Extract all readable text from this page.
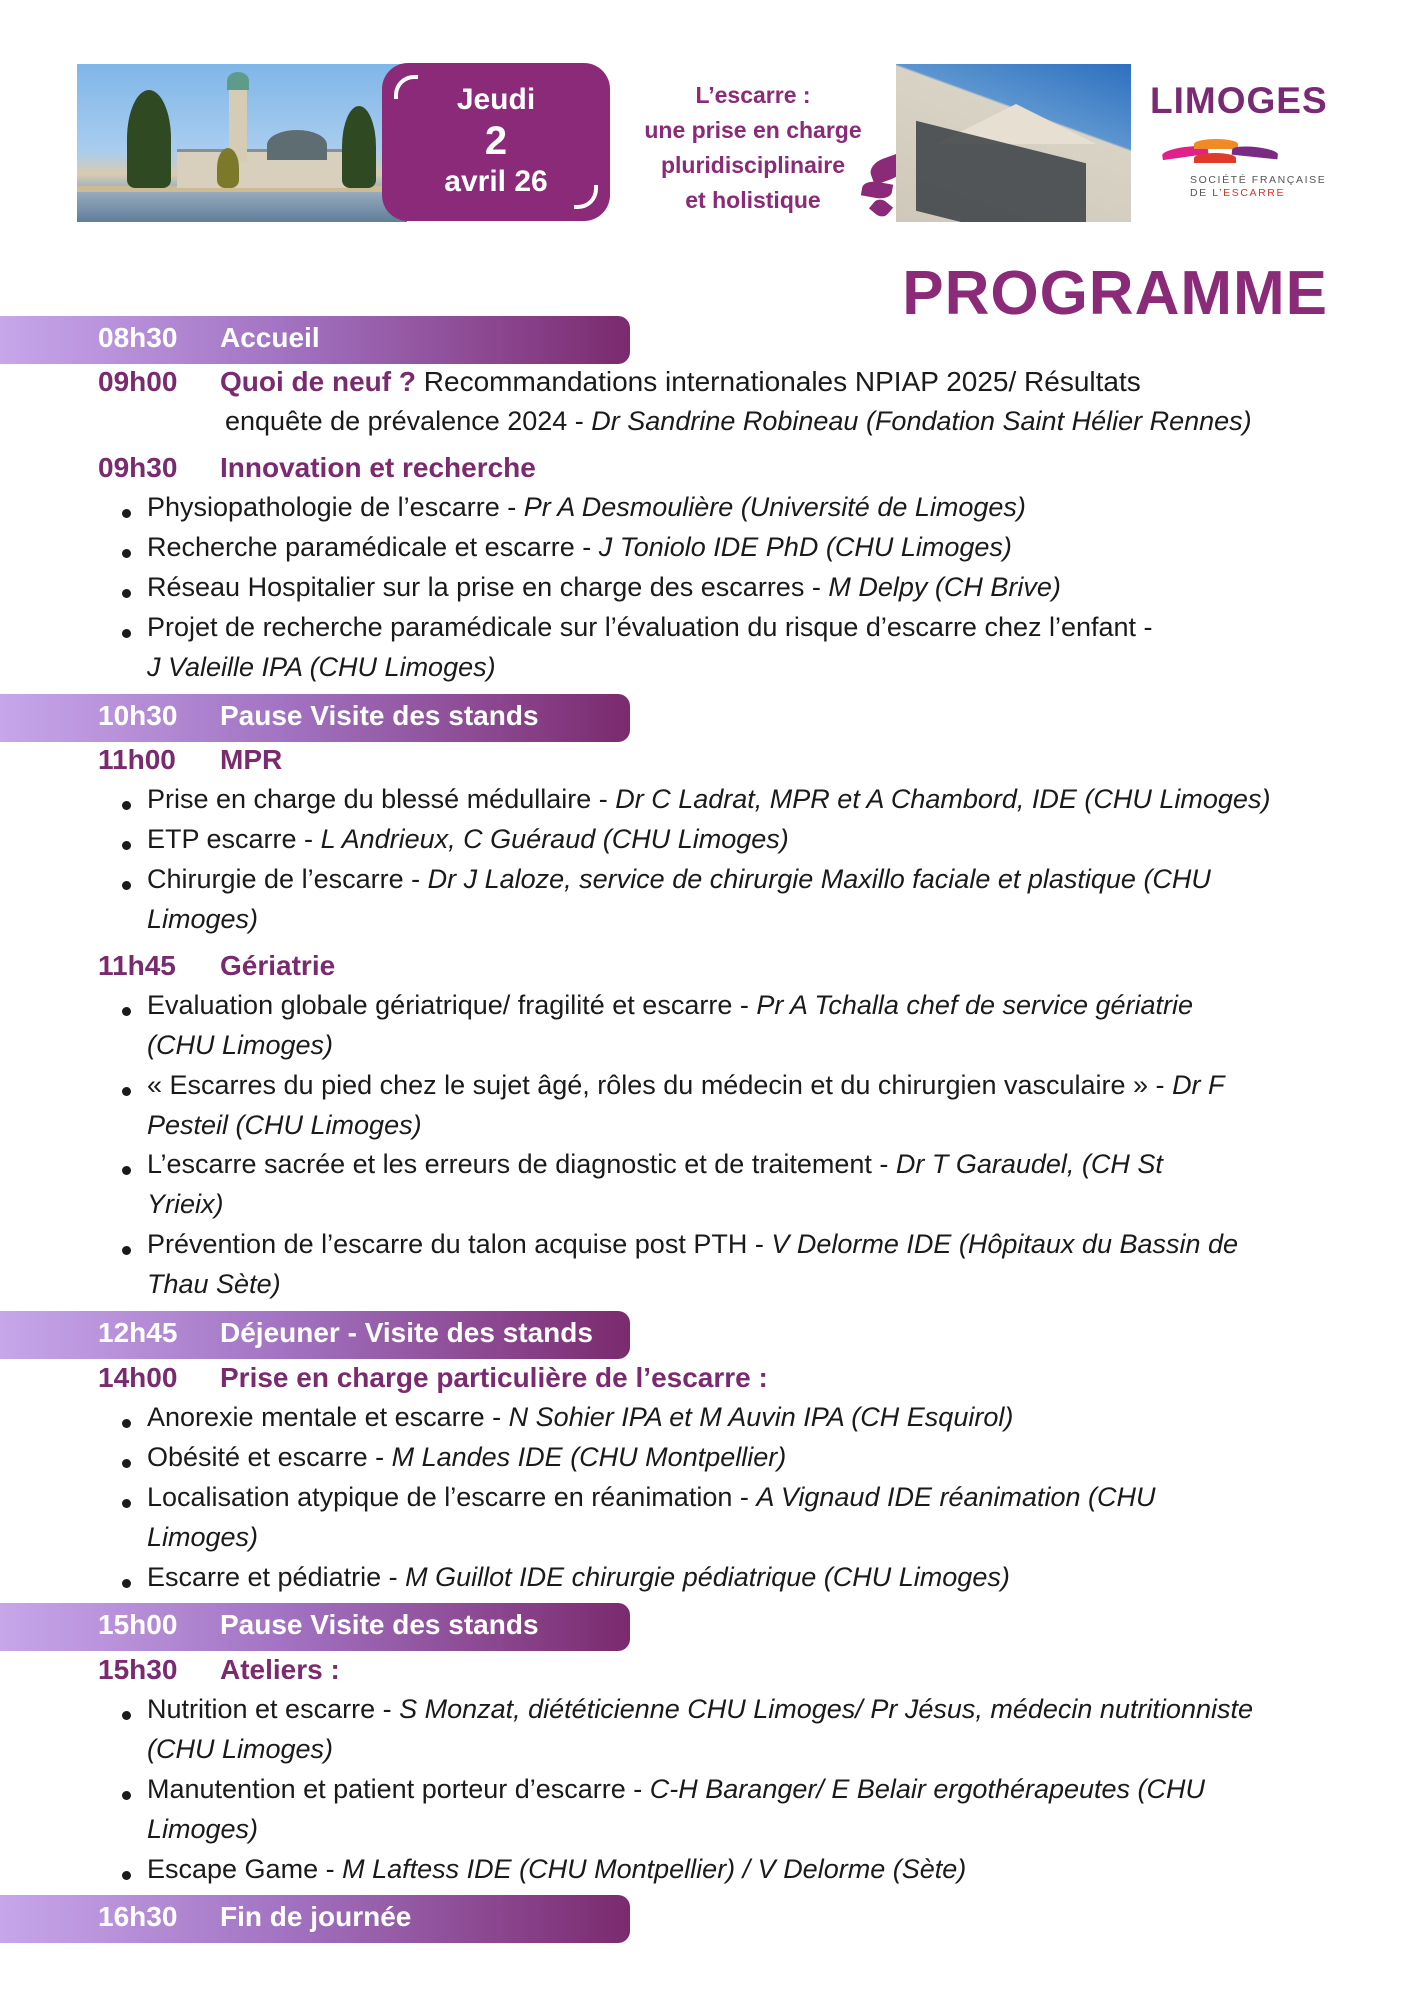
Jeudi
2
avril 26
L’escarre :
une prise en charge
pluridisciplinaire
et holistique
LIMOGES
SOCIÉTÉ FRANÇAISE
DE L’ESCARRE
PROGRAMME
08h30 Accueil
09h00 Quoi de neuf ? Recommandations internationales NPIAP 2025/ Résultats
enquête de prévalence 2024 - Dr Sandrine Robineau (Fondation Saint Hélier Rennes)
09h30 Innovation et recherche
Physiopathologie de l’escarre - Pr A Desmoulière (Université de Limoges)
Recherche paramédicale et escarre - J Toniolo IDE PhD (CHU Limoges)
Réseau Hospitalier sur la prise en charge des escarres - M Delpy (CH Brive)
Projet de recherche paramédicale sur l’évaluation du risque d’escarre chez l’enfant -
J Valeille IPA (CHU Limoges)
10h30 Pause Visite des stands
11h00 MPR
Prise en charge du blessé médullaire - Dr C Ladrat, MPR et A Chambord, IDE (CHU Limoges)
ETP escarre - L Andrieux, C Guéraud (CHU Limoges)
Chirurgie de l’escarre - Dr J Laloze, service de chirurgie Maxillo faciale et plastique (CHU
Limoges)
11h45 Gériatrie
Evaluation globale gériatrique/ fragilité et escarre - Pr A Tchalla chef de service gériatrie
(CHU Limoges)
« Escarres du pied chez le sujet âgé, rôles du médecin et du chirurgien vasculaire » - Dr F
Pesteil (CHU Limoges)
L’escarre sacrée et les erreurs de diagnostic et de traitement - Dr T Garaudel, (CH St
Yrieix)
Prévention de l’escarre du talon acquise post PTH - V Delorme IDE (Hôpitaux du Bassin de
Thau Sète)
12h45 Déjeuner - Visite des stands
14h00 Prise en charge particulière de l’escarre :
Anorexie mentale et escarre - N Sohier IPA et M Auvin IPA (CH Esquirol)
Obésité et escarre - M Landes IDE (CHU Montpellier)
Localisation atypique de l’escarre en réanimation - A Vignaud IDE réanimation (CHU
Limoges)
Escarre et pédiatrie - M Guillot IDE chirurgie pédiatrique (CHU Limoges)
15h00 Pause Visite des stands
15h30 Ateliers :
Nutrition et escarre - S Monzat, diététicienne CHU Limoges/ Pr Jésus, médecin nutritionniste
(CHU Limoges)
Manutention et patient porteur d’escarre - C-H Baranger/ E Belair ergothérapeutes (CHU
Limoges)
Escape Game - M Laftess IDE (CHU Montpellier) / V Delorme (Sète)
16h30 Fin de journée
